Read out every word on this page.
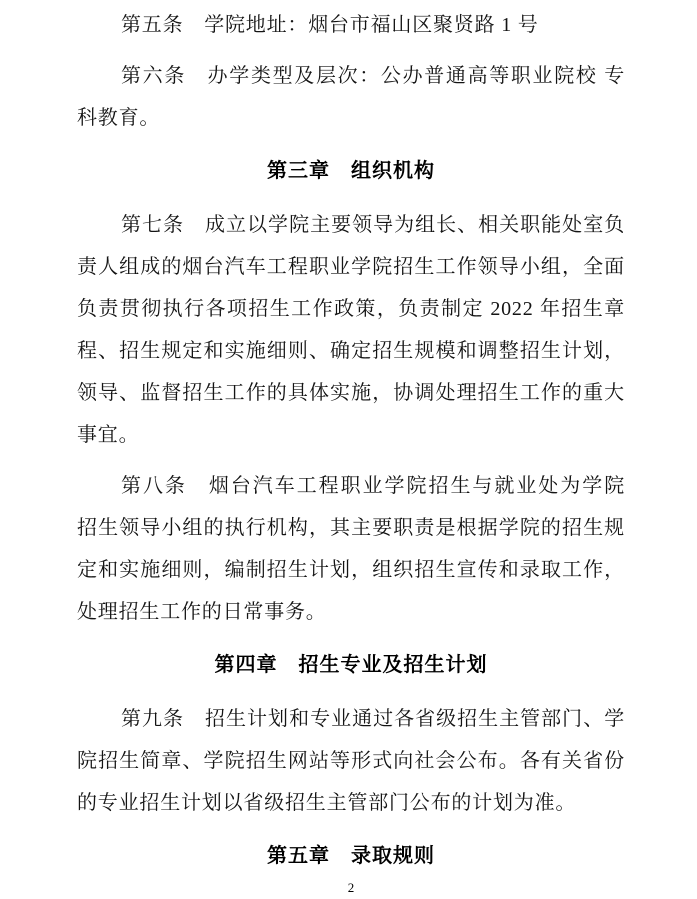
第五条　学院地址：烟台市福山区聚贤路 1 号
第六条　办学类型及层次：公办普通高等职业院校 专
科教育。
第三章　组织机构
第七条　成立以学院主要领导为组长、相关职能处室负
责人组成的烟台汽车工程职业学院招生工作领导小组，全面
负责贯彻执行各项招生工作政策，负责制定 2022 年招生章
程、招生规定和实施细则、确定招生规模和调整招生计划，
领导、监督招生工作的具体实施，协调处理招生工作的重大
事宜。
第八条　烟台汽车工程职业学院招生与就业处为学院
招生领导小组的执行机构，其主要职责是根据学院的招生规
定和实施细则，编制招生计划，组织招生宣传和录取工作，
处理招生工作的日常事务。
第四章　招生专业及招生计划
第九条　招生计划和专业通过各省级招生主管部门、学
院招生简章、学院招生网站等形式向社会公布。各有关省份
的专业招生计划以省级招生主管部门公布的计划为准。
第五章　录取规则
2
